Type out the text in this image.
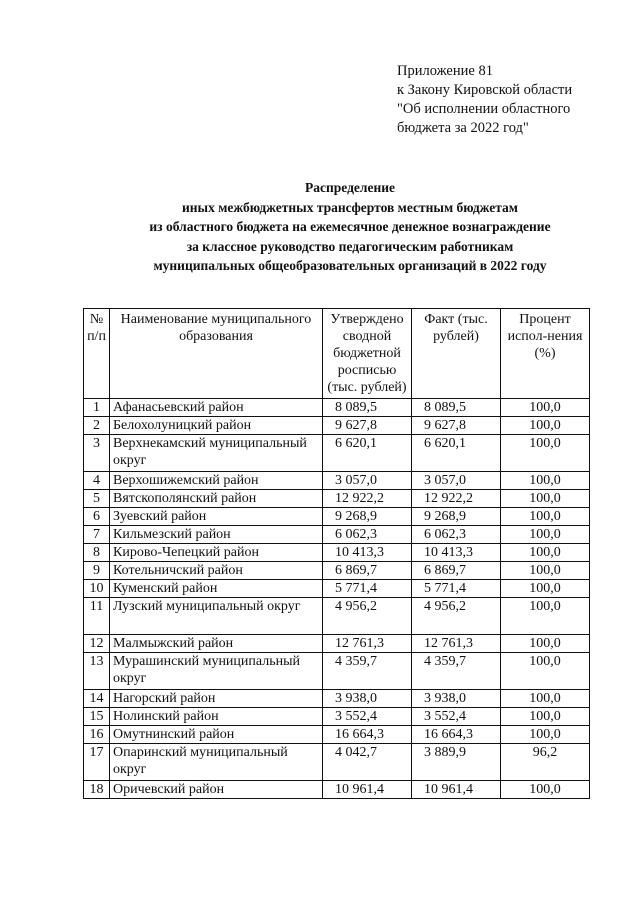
Приложение 81
к Закону Кировской области
"Об исполнении областного
бюджета за 2022 год"
Распределение
иных межбюджетных трансфертов местным бюджетам
из областного бюджета на ежемесячное денежное вознаграждение
за классное руководство педагогическим работникам
муниципальных общеобразовательных организаций в 2022 году
№ п/п	Наименование муниципального образования	Утверждено сводной бюджетной росписью (тыс. рублей)	Факт (тыс. рублей)	Процент испол-нения (%)
1	Афанасьевский район	8 089,5	8 089,5	100,0
2	Белохолуницкий район	9 627,8	9 627,8	100,0
3	Верхнекамский муниципальный округ	6 620,1	6 620,1	100,0
4	Верхошижемский район	3 057,0	3 057,0	100,0
5	Вятскополянский район	12 922,2	12 922,2	100,0
6	Зуевский район	9 268,9	9 268,9	100,0
7	Кильмезский район	6 062,3	6 062,3	100,0
8	Кирово-Чепецкий район	10 413,3	10 413,3	100,0
9	Котельничский район	6 869,7	6 869,7	100,0
10	Куменский район	5 771,4	5 771,4	100,0
11	Лузский муниципальный округ	4 956,2	4 956,2	100,0
12	Малмыжский район	12 761,3	12 761,3	100,0
13	Мурашинский муниципальный округ	4 359,7	4 359,7	100,0
14	Нагорский район	3 938,0	3 938,0	100,0
15	Нолинский район	3 552,4	3 552,4	100,0
16	Омутнинский район	16 664,3	16 664,3	100,0
17	Опаринский муниципальный округ	4 042,7	3 889,9	96,2
18	Оричевский район	10 961,4	10 961,4	100,0
